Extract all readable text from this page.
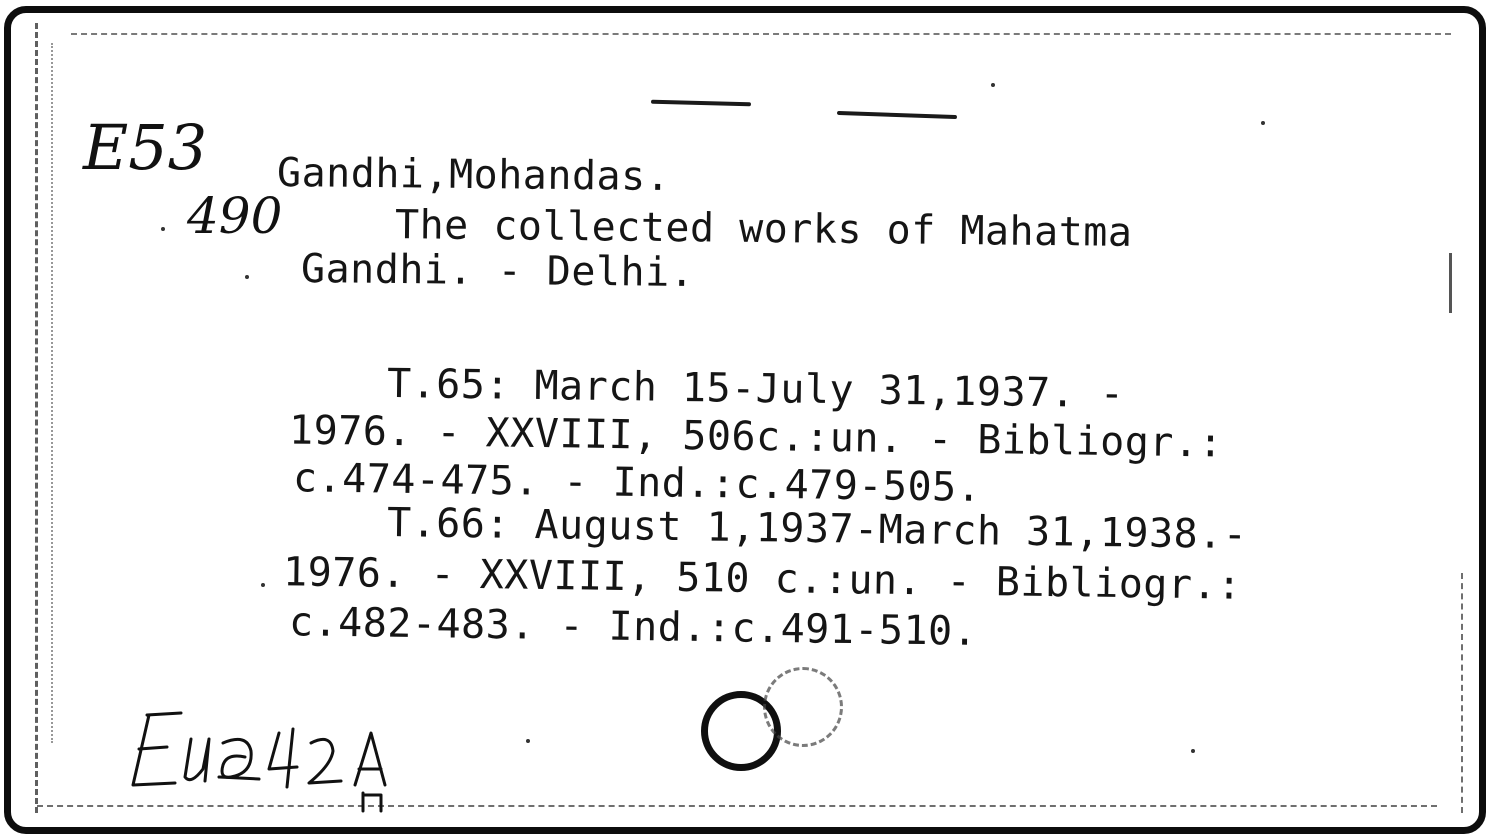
E53
490
Gandhi,Mohandas.
The collected works of Mahatma
Gandhi. - Delhi.
T.65: March 15-July 31,1937. -
1976. - XXVIII, 506c.:un. - Bibliogr.:
c.474-475. - Ind.:c.479-505.
T.66: August 1,1937-March 31,1938.-
1976. - XXVIII, 510 c.:un. - Bibliogr.:
c.482-483. - Ind.:c.491-510.
